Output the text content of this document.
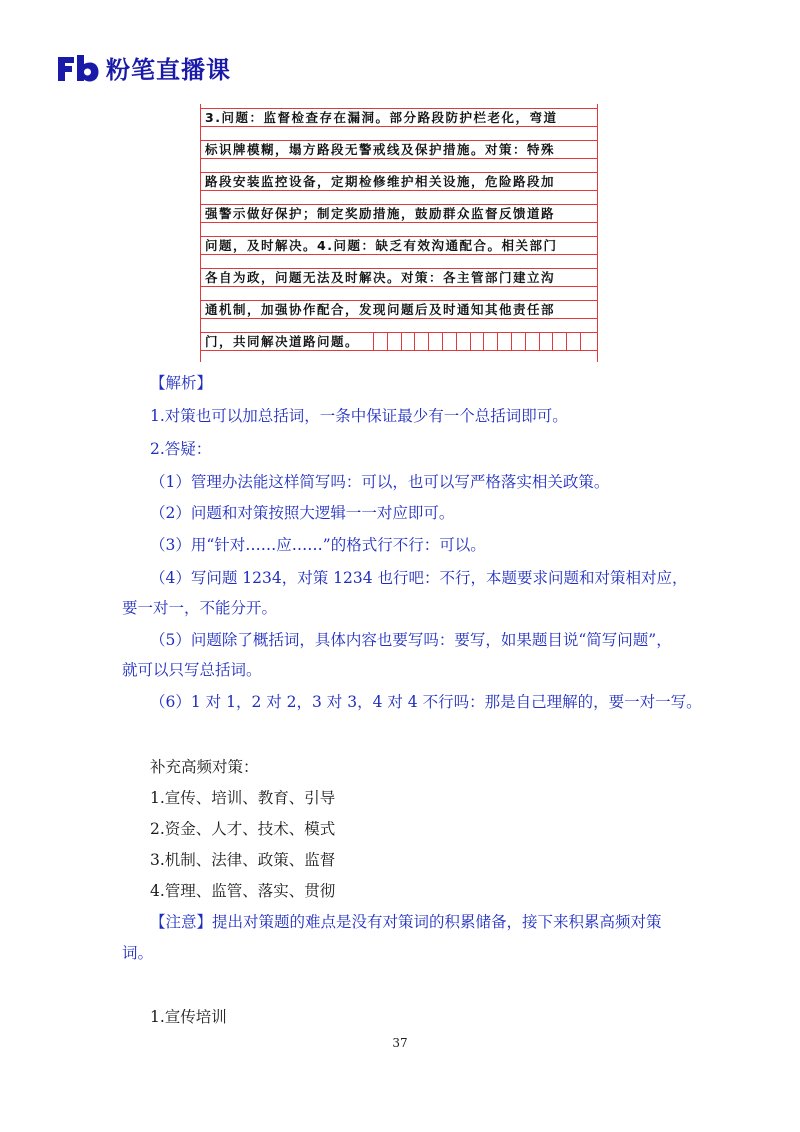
粉笔直播课
3.问题：监督检查存在漏洞。部分路段防护栏老化，弯道
标识牌模糊，塌方路段无警戒线及保护措施。对策：特殊
路段安装监控设备，定期检修维护相关设施，危险路段加
强警示做好保护；制定奖励措施，鼓励群众监督反馈道路
问题，及时解决。4.问题：缺乏有效沟通配合。相关部门
各自为政，问题无法及时解决。对策：各主管部门建立沟
通机制，加强协作配合，发现问题后及时通知其他责任部
门，共同解决道路问题。
【解析】
1.对策也可以加总括词，一条中保证最少有一个总括词即可。
2.答疑：
（1）管理办法能这样简写吗：可以，也可以写严格落实相关政策。
（2）问题和对策按照大逻辑一一对应即可。
（3）用“针对……应……”的格式行不行：可以。
（4）写问题 1234，对策 1234 也行吧：不行，本题要求问题和对策相对应，
要一对一，不能分开。
（5）问题除了概括词，具体内容也要写吗：要写，如果题目说“简写问题”，
就可以只写总括词。
（6）1 对 1，2 对 2，3 对 3，4 对 4 不行吗：那是自己理解的，要一对一写。
补充高频对策：
1.宣传、培训、教育、引导
2.资金、人才、技术、模式
3.机制、法律、政策、监督
4.管理、监管、落实、贯彻
【注意】提出对策题的难点是没有对策词的积累储备，接下来积累高频对策
词。
1.宣传培训
37
